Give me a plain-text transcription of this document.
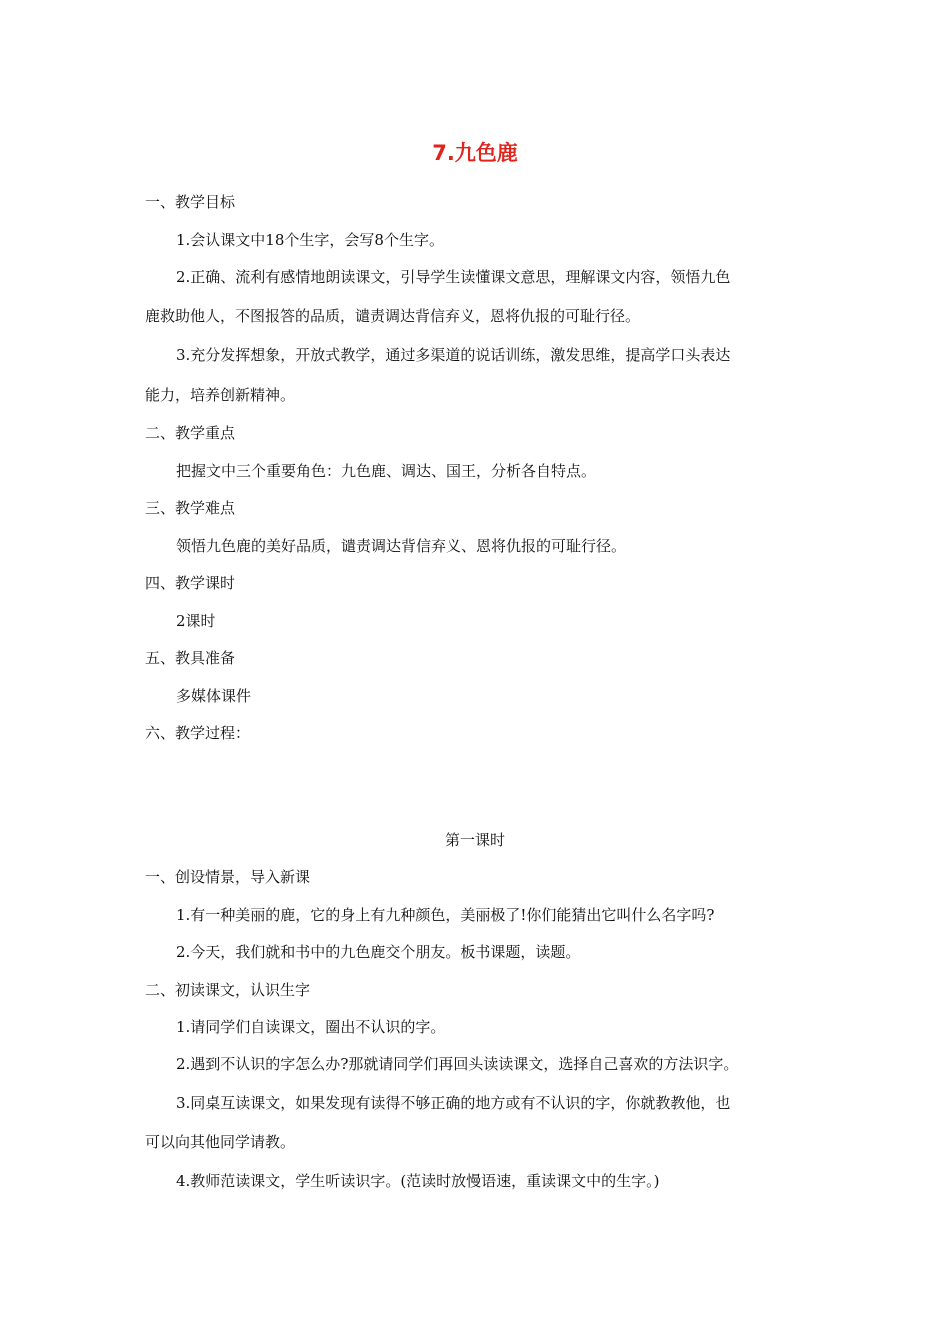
7.九色鹿
一、教学目标
1.会认课文中18个生字，会写8个生字。
2.正确、流利有感情地朗读课文，引导学生读懂课文意思，理解课文内容，领悟九色
鹿救助他人，不图报答的品质，谴责调达背信弃义，恩将仇报的可耻行径。
3.充分发挥想象，开放式教学，通过多渠道的说话训练，激发思维，提高学口头表达
能力，培养创新精神。
二、教学重点
把握文中三个重要角色：九色鹿、调达、国王，分析各自特点。
三、教学难点
领悟九色鹿的美好品质，谴责调达背信弃义、恩将仇报的可耻行径。
四、教学课时
2课时
五、教具准备
多媒体课件
六、教学过程：
第一课时
一、创设情景，导入新课
1.有一种美丽的鹿，它的身上有九种颜色，美丽极了!你们能猜出它叫什么名字吗?
2.今天，我们就和书中的九色鹿交个朋友。板书课题，读题。
二、初读课文，认识生字
1.请同学们自读课文，圈出不认识的字。
2.遇到不认识的字怎么办?那就请同学们再回头读读课文，选择自己喜欢的方法识字。
3.同桌互读课文，如果发现有读得不够正确的地方或有不认识的字，你就教教他，也
可以向其他同学请教。
4.教师范读课文，学生听读识字。(范读时放慢语速，重读课文中的生字。)
